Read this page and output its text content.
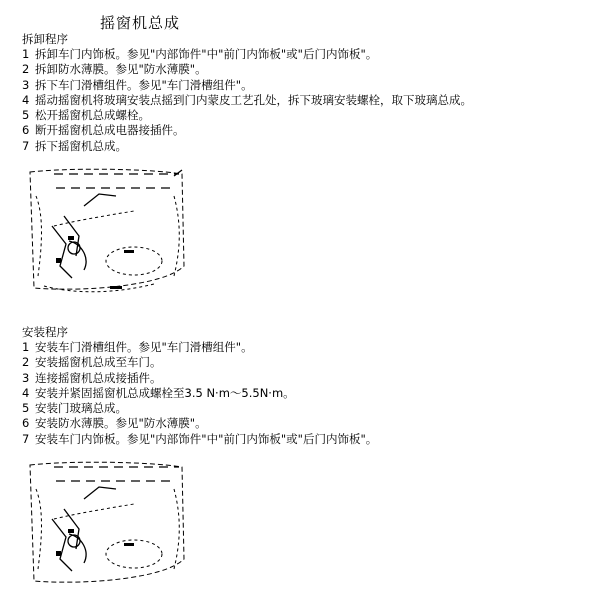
摇窗机总成
拆卸程序
1 拆卸车门内饰板。参见"内部饰件"中"前门内饰板"或"后门内饰板"。
2 拆卸防水薄膜。参见"防水薄膜"。
3 拆下车门滑槽组件。参见"车门滑槽组件"。
4 摇动摇窗机将玻璃安装点摇到门内蒙皮工艺孔处，拆下玻璃安装螺栓，取下玻璃总成。
5 松开摇窗机总成螺栓。
6 断开摇窗机总成电器接插件。
7 拆下摇窗机总成。
安装程序
1 安装车门滑槽组件。参见"车门滑槽组件"。
2 安装摇窗机总成至车门。
3 连接摇窗机总成接插件。
4 安装并紧固摇窗机总成螺栓至3.5 N·m～5.5N·m。
5 安装门玻璃总成。
6 安装防水薄膜。参见"防水薄膜"。
7 安装车门内饰板。参见"内部饰件"中"前门内饰板"或"后门内饰板"。
